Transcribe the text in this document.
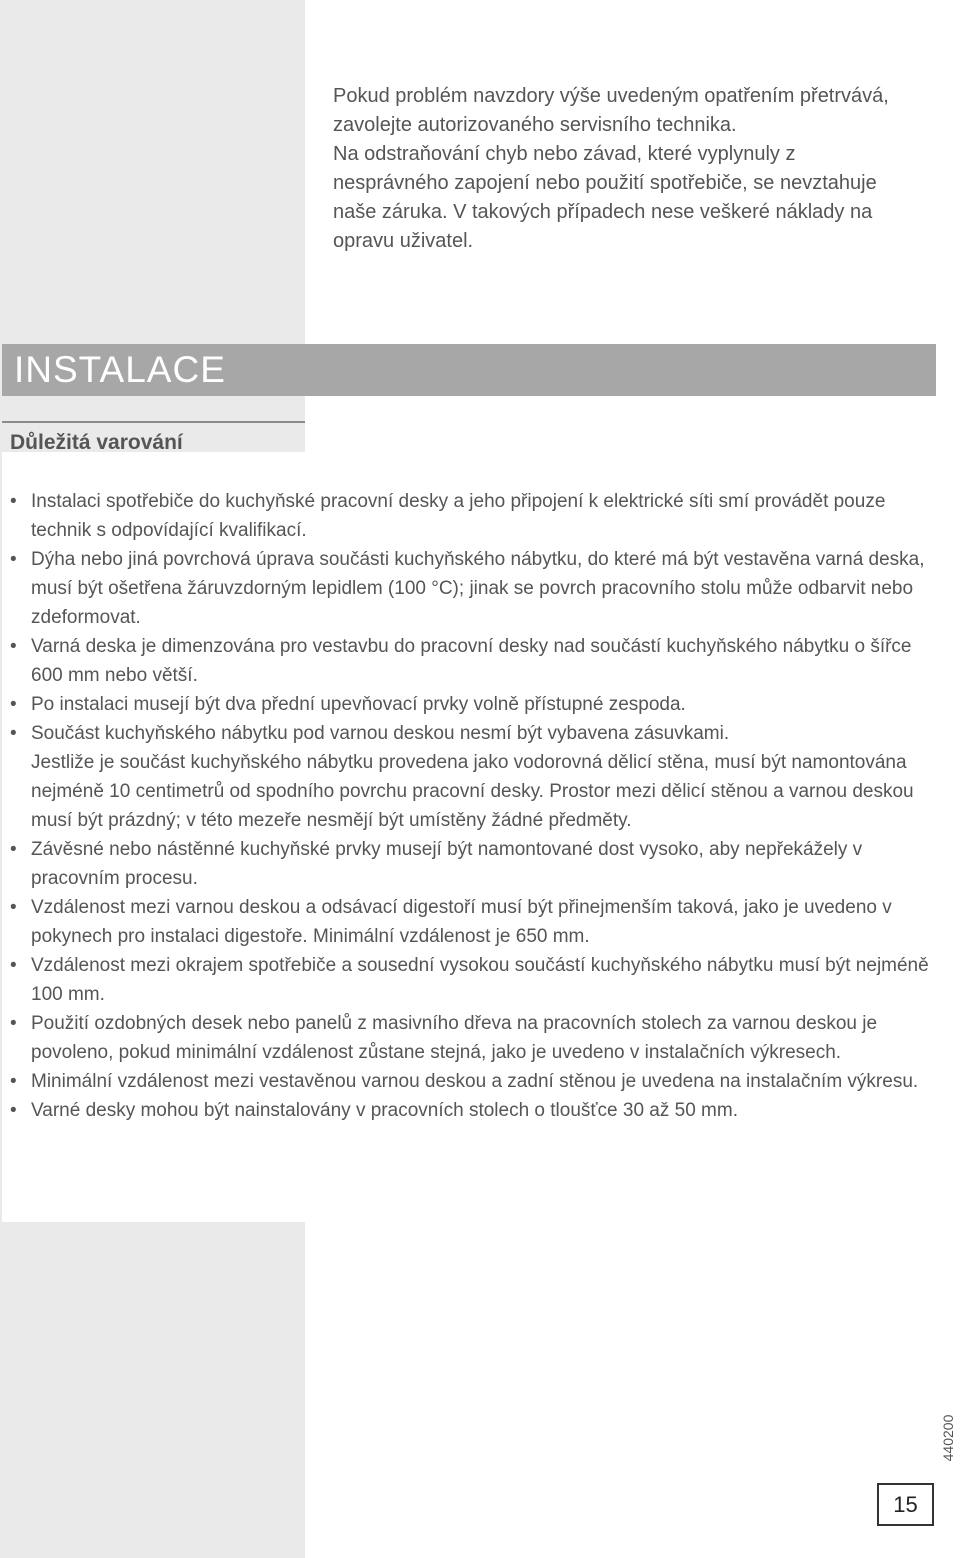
Pokud problém navzdory výše uvedeným opatřením přetrvává, zavolejte autorizovaného servisního technika.

Na odstraňování chyb nebo závad, které vyplynuly z nesprávného zapojení nebo použití spotřebiče, se nevztahuje naše záruka. V takových případech nese veškeré náklady na opravu uživatel.

INSTALACE
Důležitá varování
• Instalaci spotřebiče do kuchyňské pracovní desky a jeho připojení k elektrické síti smí provádět pouze technik s odpovídající kvalifikací.

• Dýha nebo jiná povrchová úprava součásti kuchyňského nábytku, do které má být vestavěna varná deska, musí být ošetřena žáruvzdorným lepidlem (100 °C); jinak se povrch pracovního stolu může odbarvit nebo zdeformovat.

• Varná deska je dimenzována pro vestavbu do pracovní desky nad součástí kuchyňského nábytku o šířce 600 mm nebo větší.

• Po instalaci musejí být dva přední upevňovací prvky volně přístupné zespoda.

• Součást kuchyňského nábytku pod varnou deskou nesmí být vybavena zásuvkami.

Jestliže je součást kuchyňského nábytku provedena jako vodorovná dělicí stěna, musí být namontována nejméně 10 centimetrů od spodního povrchu pracovní desky. Prostor mezi dělicí stěnou a varnou deskou musí být prázdný; v této mezeře nesmějí být umístěny žádné předměty.

• Závěsné nebo nástěnné kuchyňské prvky musejí být namontované dost vysoko, aby nepřekážely v pracovním procesu.

• Vzdálenost mezi varnou deskou a odsávací digestoří musí být přinejmenším taková, jako je uvedeno v pokynech pro instalaci digestoře. Minimální vzdálenost je 650 mm.

• Vzdálenost mezi okrajem spotřebiče a sousední vysokou součástí kuchyňského nábytku musí být nejméně 100 mm.

• Použití ozdobných desek nebo panelů z masivního dřeva na pracovních stolech za varnou deskou je povoleno, pokud minimální vzdálenost zůstane stejná, jako je uvedeno v instalačních výkresech.

• Minimální vzdálenost mezi vestavěnou varnou deskou a zadní stěnou je uvedena na instalačním výkresu.

• Varné desky mohou být nainstalovány v pracovních stolech o tloušťce 30 až 50 mm.

440200
15
